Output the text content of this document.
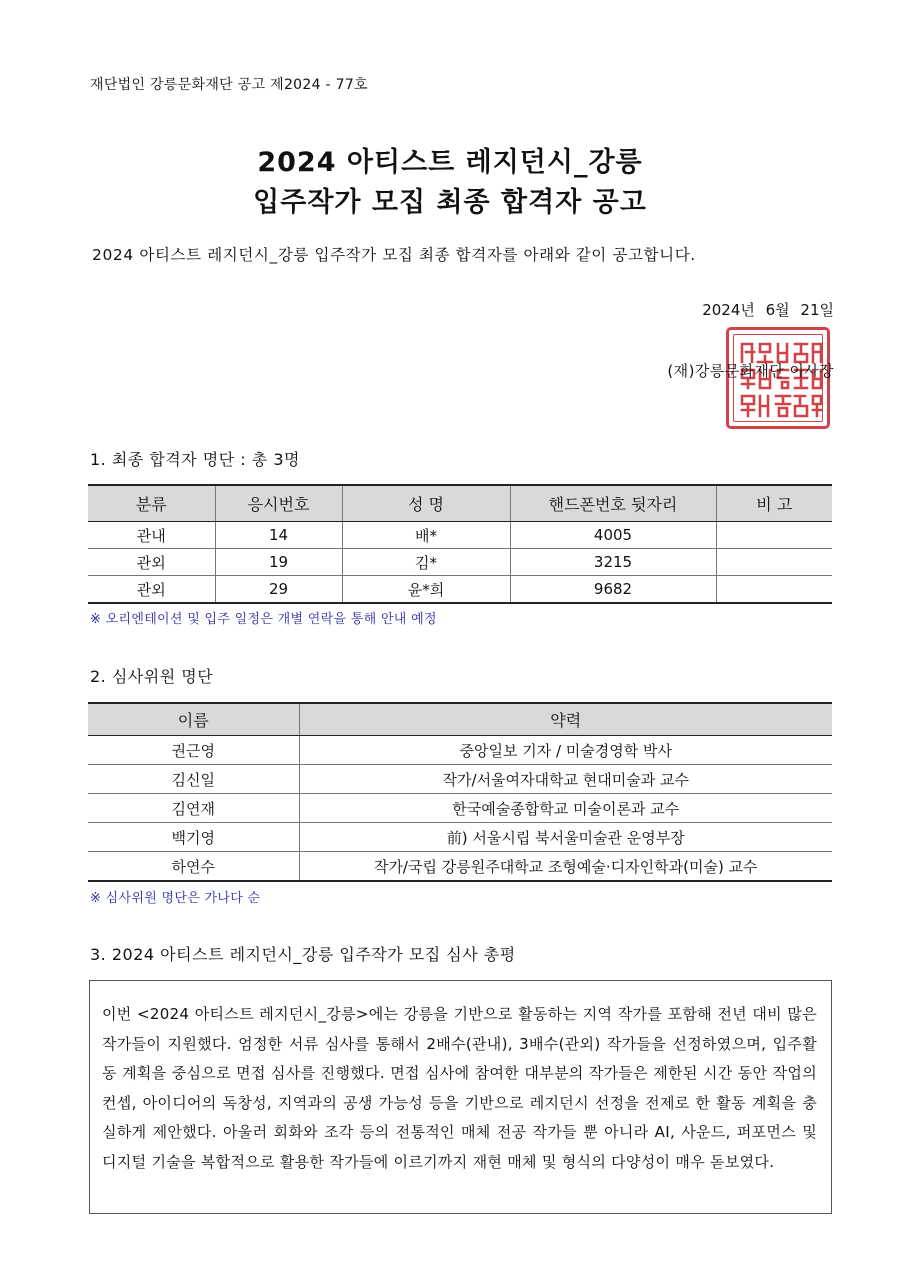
재단법인 강릉문화재단 공고 제2024 - 77호
2024 아티스트 레지던시_강릉
입주작가 모집 최종 합격자 공고
2024 아티스트 레지던시_강릉 입주작가 모집 최종 합격자를 아래와 같이 공고합니다.
2024년 6월 21일
(재)강릉문화재단 이사장
1. 최종 합격자 명단 : 총 3명
분류	응시번호	성 명	핸드폰번호 뒷자리	비 고
관내	14	배*	4005	
관외	19	김*	3215	
관외	29	윤*희	9682	
※ 오리엔테이션 및 입주 일정은 개별 연락을 통해 안내 예정
2. 심사위원 명단
이름	약력
권근영	중앙일보 기자 / 미술경영학 박사
김신일	작가/서울여자대학교 현대미술과 교수
김연재	한국예술종합학교 미술이론과 교수
백기영	前) 서울시립 북서울미술관 운영부장
하연수	작가/국립 강릉원주대학교 조형예술·디자인학과(미술) 교수
※ 심사위원 명단은 가나다 순
3. 2024 아티스트 레지던시_강릉 입주작가 모집 심사 총평
이번 <2024 아티스트 레지던시_강릉>에는 강릉을 기반으로 활동하는 지역 작가를 포함해 전년 대비 많은 작가들이 지원했다. 엄정한 서류 심사를 통해서 2배수(관내), 3배수(관외) 작가들을 선정하였으며, 입주활동 계획을 중심으로 면접 심사를 진행했다. 면접 심사에 참여한 대부분의 작가들은 제한된 시간 동안 작업의 컨셉, 아이디어의 독창성, 지역과의 공생 가능성 등을 기반으로 레지던시 선정을 전제로 한 활동 계획을 충실하게 제안했다. 아울러 회화와 조각 등의 전통적인 매체 전공 작가들 뿐 아니라 AI, 사운드, 퍼포먼스 및 디지털 기술을 복합적으로 활용한 작가들에 이르기까지 재현 매체 및 형식의 다양성이 매우 돋보였다.
